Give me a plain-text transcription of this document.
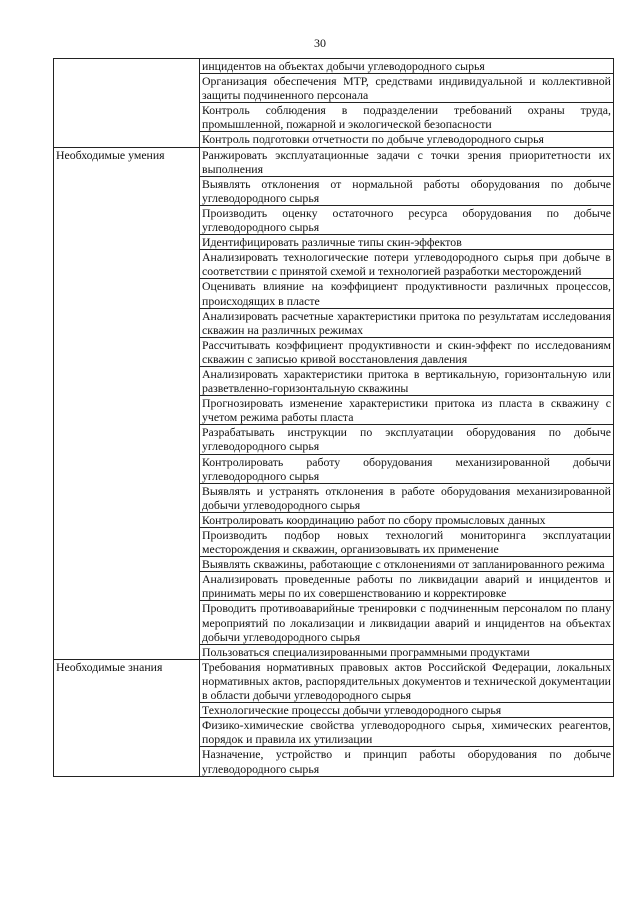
30

	инцидентов на объектах добычи углеводородного сырья

	Организация обеспечения МТР, средствами индивидуальной и коллективной защиты подчиненного персонала

	Контроль соблюдения в подразделении требований охраны труда, промышленной, пожарной и экологической безопасности

	Контроль подготовки отчетности по добыче углеводородного сырья

Необходимые умения	Ранжировать эксплуатационные задачи с точки зрения приоритетности их выполнения

	Выявлять отклонения от нормальной работы оборудования по добыче углеводородного сырья

	Производить оценку остаточного ресурса оборудования по добыче углеводородного сырья

	Идентифицировать различные типы скин-эффектов

	Анализировать технологические потери углеводородного сырья при добыче в соответствии с принятой схемой и технологией разработки месторождений

	Оценивать влияние на коэффициент продуктивности различных процессов, происходящих в пласте

	Анализировать расчетные характеристики притока по результатам исследования скважин на различных режимах

	Рассчитывать коэффициент продуктивности и скин-эффект по исследованиям скважин с записью кривой восстановления давления

	Анализировать характеристики притока в вертикальную, горизонтальную или разветвленно-горизонтальную скважины

	Прогнозировать изменение характеристики притока из пласта в скважину с учетом режима работы пласта

	Разрабатывать инструкции по эксплуатации оборудования по добыче углеводородного сырья

	Контролировать работу оборудования механизированной добычи углеводородного сырья

	Выявлять и устранять отклонения в работе оборудования механизированной добычи углеводородного сырья

	Контролировать координацию работ по сбору промысловых данных

	Производить подбор новых технологий мониторинга эксплуатации месторождения и скважин, организовывать их применение

	Выявлять скважины, работающие с отклонениями от запланированного режима

	Анализировать проведенные работы по ликвидации аварий и инцидентов и принимать меры по их совершенствованию и корректировке

	Проводить противоаварийные тренировки с подчиненным персоналом по плану мероприятий по локализации и ликвидации аварий и инцидентов на объектах добычи углеводородного сырья

	Пользоваться специализированными программными продуктами

Необходимые знания	Требования нормативных правовых актов Российской Федерации, локальных нормативных актов, распорядительных документов и технической документации в области добычи углеводородного сырья

	Технологические процессы добычи углеводородного сырья

	Физико-химические свойства углеводородного сырья, химических реагентов, порядок и правила их утилизации

	Назначение, устройство и принцип работы оборудования по добыче углеводородного сырья
